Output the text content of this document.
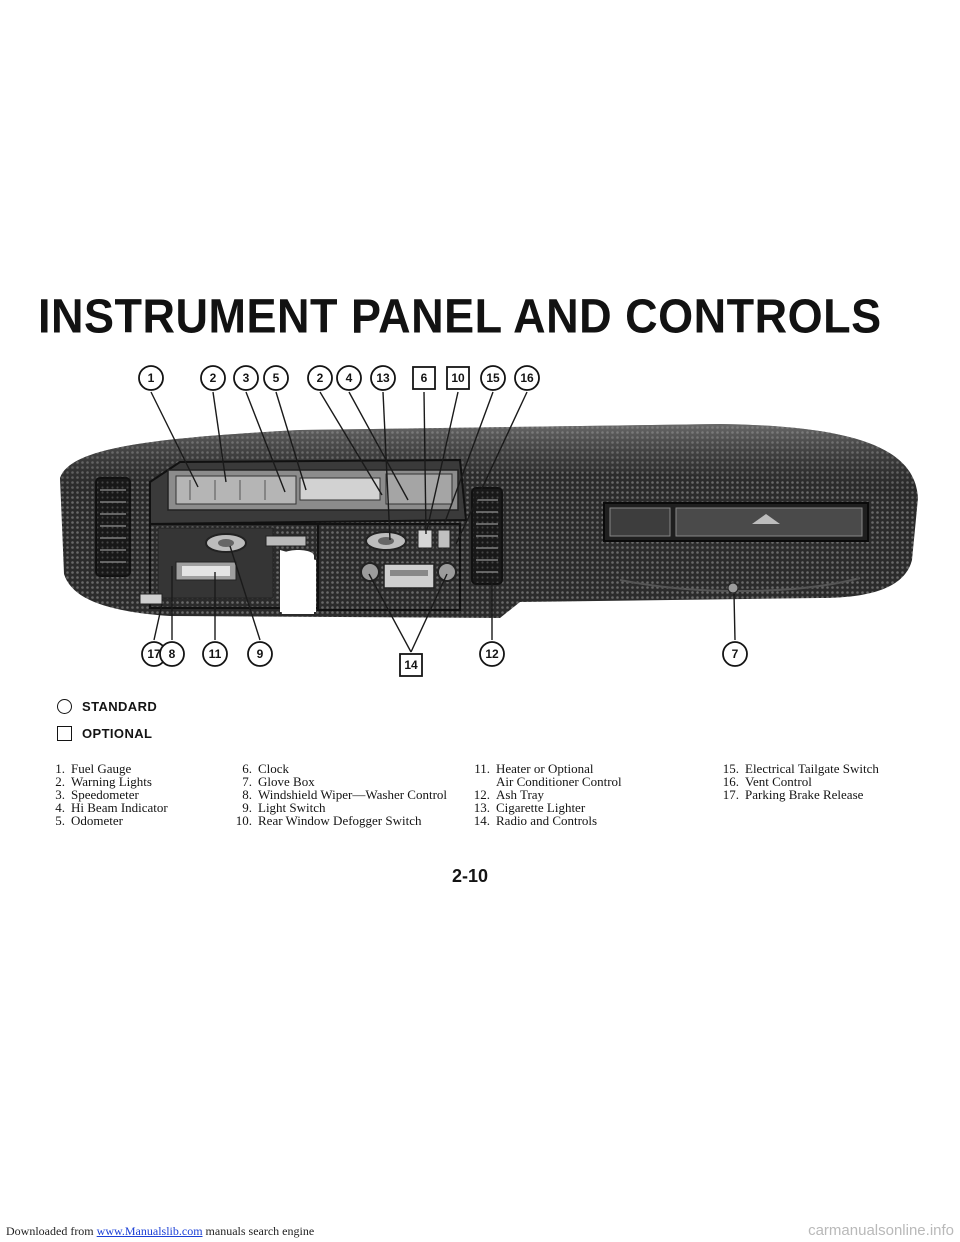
INSTRUMENT PANEL AND CONTROLS
1	2 3 5	2 4 13	6 10 15 16
17 8	11	9
14
12	7
STANDARD
OPTIONAL
1. Fuel Gauge
2. Warning Lights
3. Speedometer
4. Hi Beam Indicator
5. Odometer
6. Clock
7. Glove Box
8. Windshield Wiper—Washer Control
9. Light Switch
10. Rear Window Defogger Switch
11. Heater or Optional
Air Conditioner Control
12. Ash Tray
13. Cigarette Lighter
14. Radio and Controls
15. Electrical Tailgate Switch
16. Vent Control
17. Parking Brake Release
2-10
Downloaded from www.Manualslib.com manuals search engine	carmanualsonline.info
